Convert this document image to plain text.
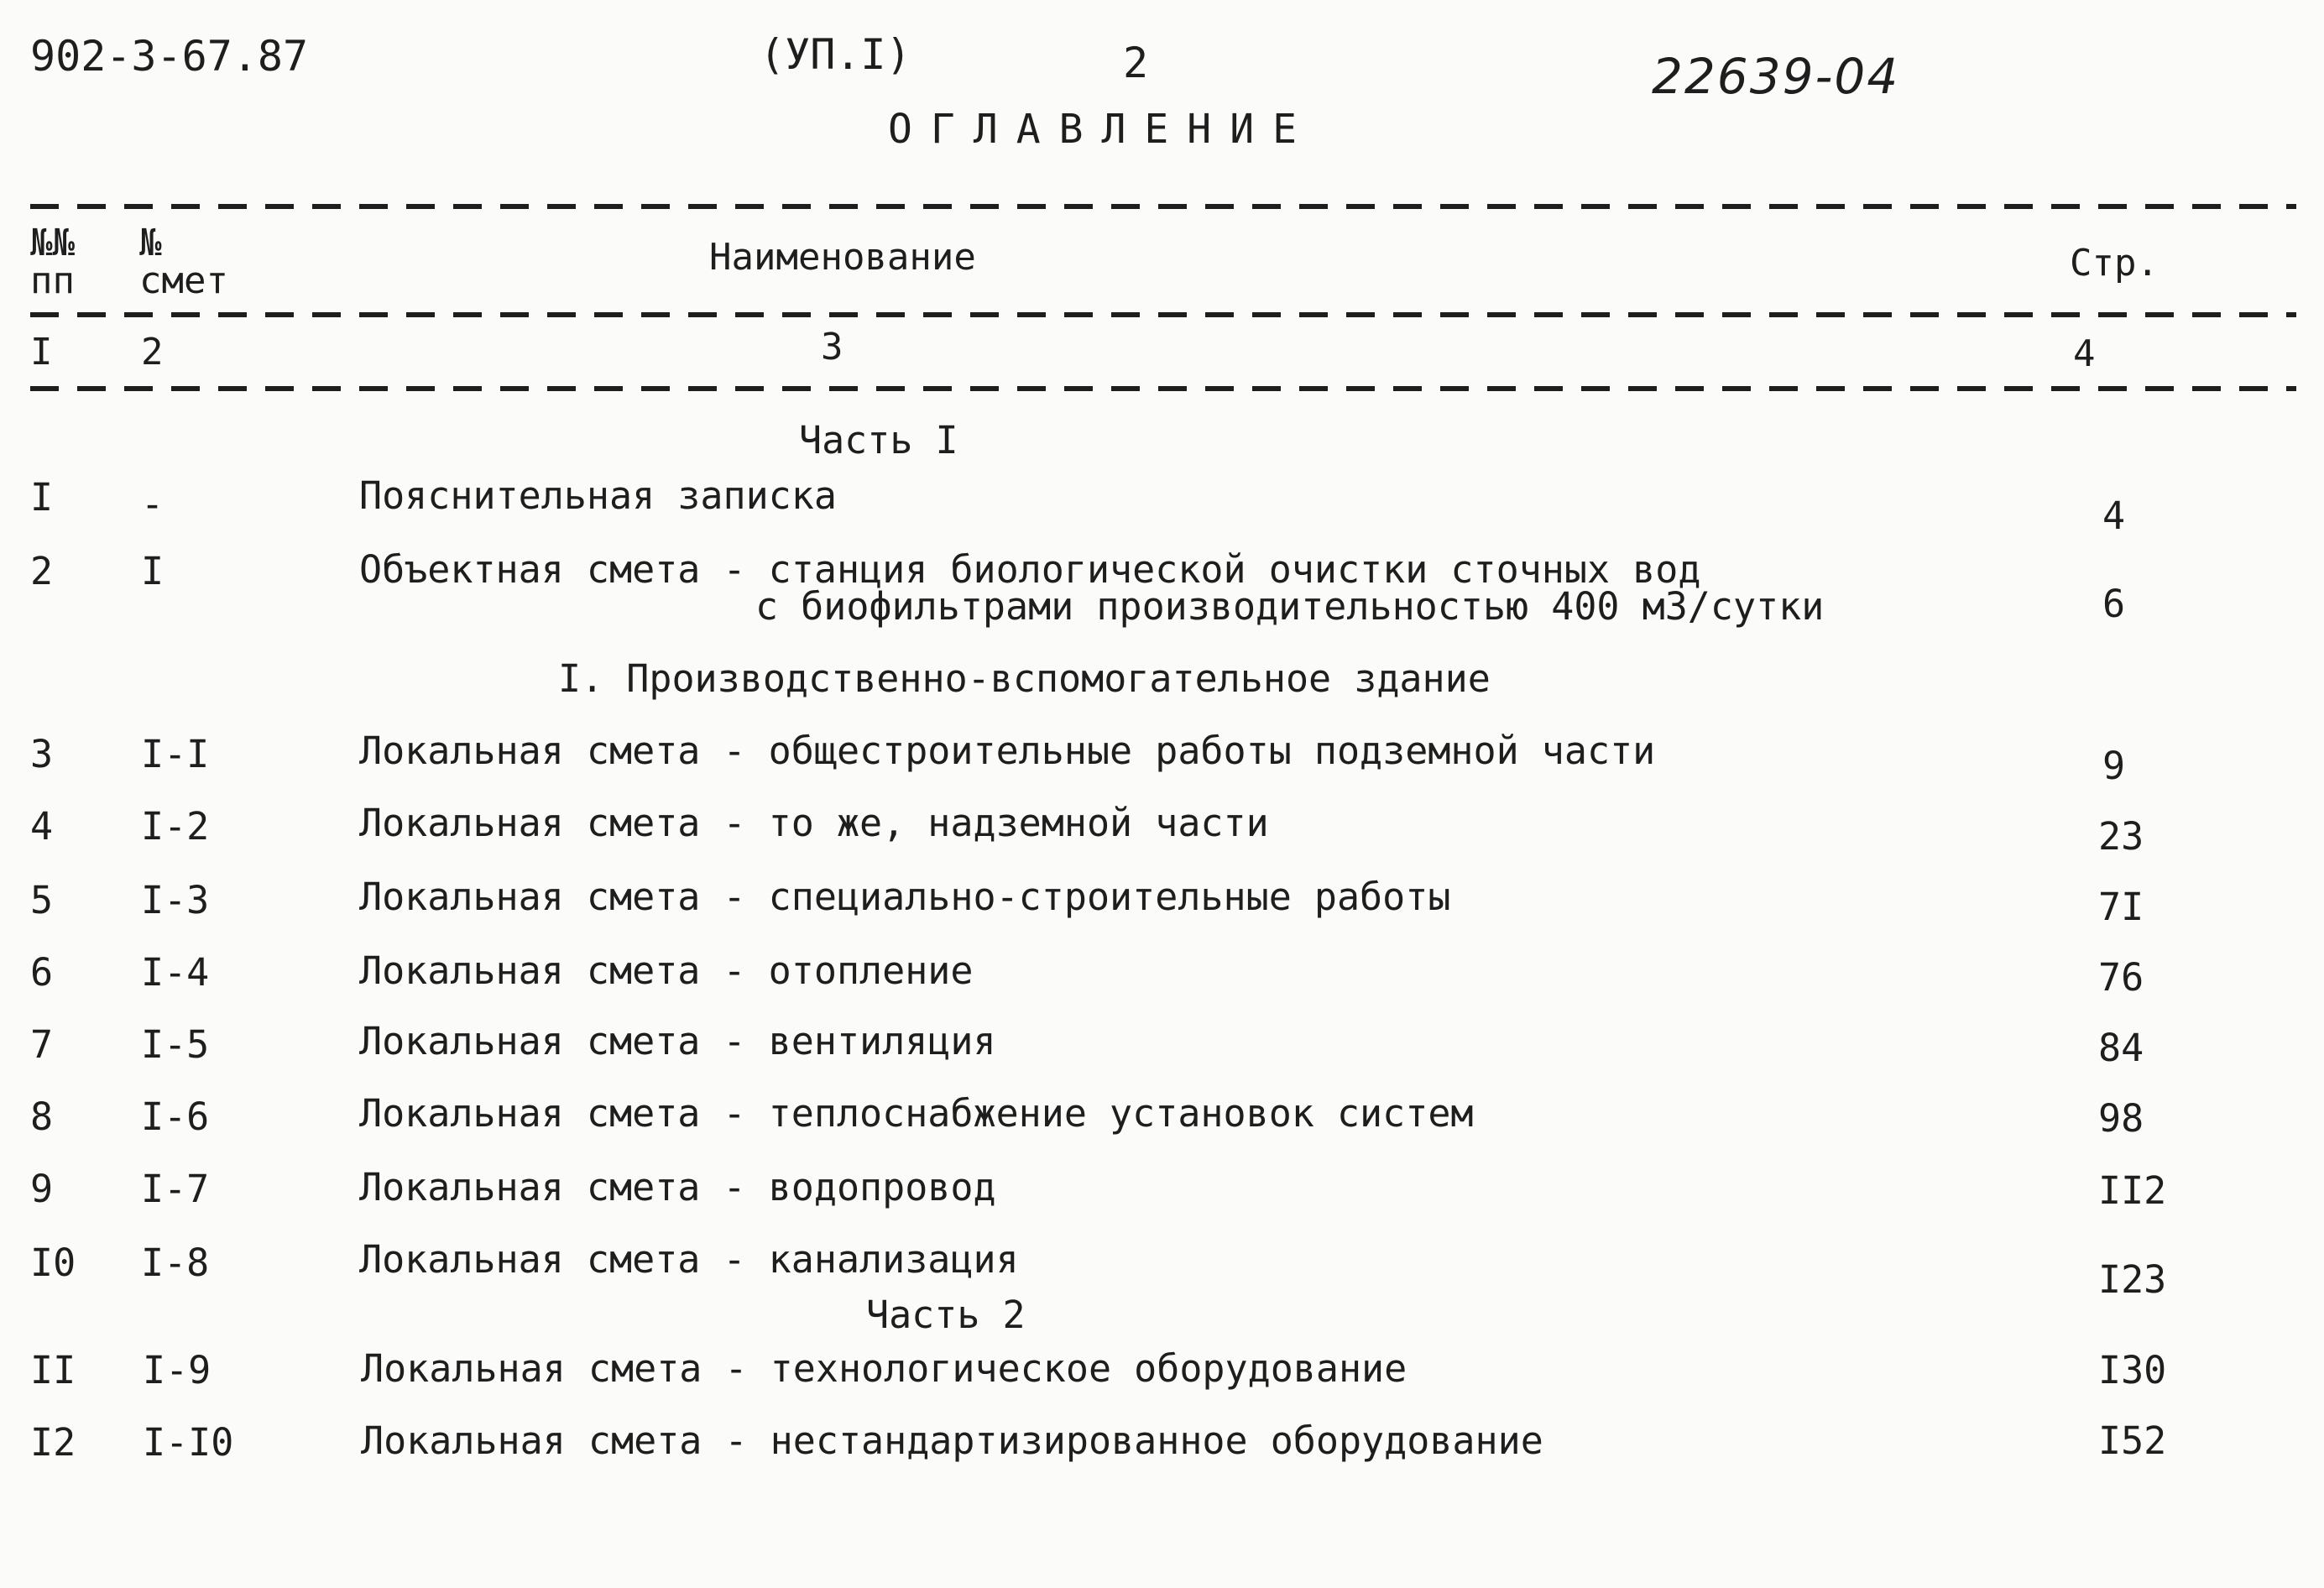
902-3-67.87	(УП.I)	2	22639-04
ОГЛАВЛЕНИЕ
№№
пп
№
смет
Наименование	Стр.
I 2	3	4
Часть I
I -	Пояснительная записка	4
2 I	Объектная смета - станция биологической очистки сточных вод
с биофильтрами производительностью 400 м3/сутки	6
I. Производственно-вспомогательное здание
3 I-I	Локальная смета - общестроительные работы подземной части	9
4 I-2	Локальная смета - то же, надземной части	23
5 I-3	Локальная смета - специально-строительные работы	7I
6 I-4	Локальная смета - отопление	76
7 I-5	Локальная смета - вентиляция	84
8 I-6	Локальная смета - теплоснабжение установок систем	98
9 I-7	Локальная смета - водопровод	II2
I0 I-8	Локальная смета - канализация	I23
Часть 2
II I-9	Локальная смета - технологическое оборудование	I30
I2 I-I0	Локальная смета - нестандартизированное оборудование	I52
